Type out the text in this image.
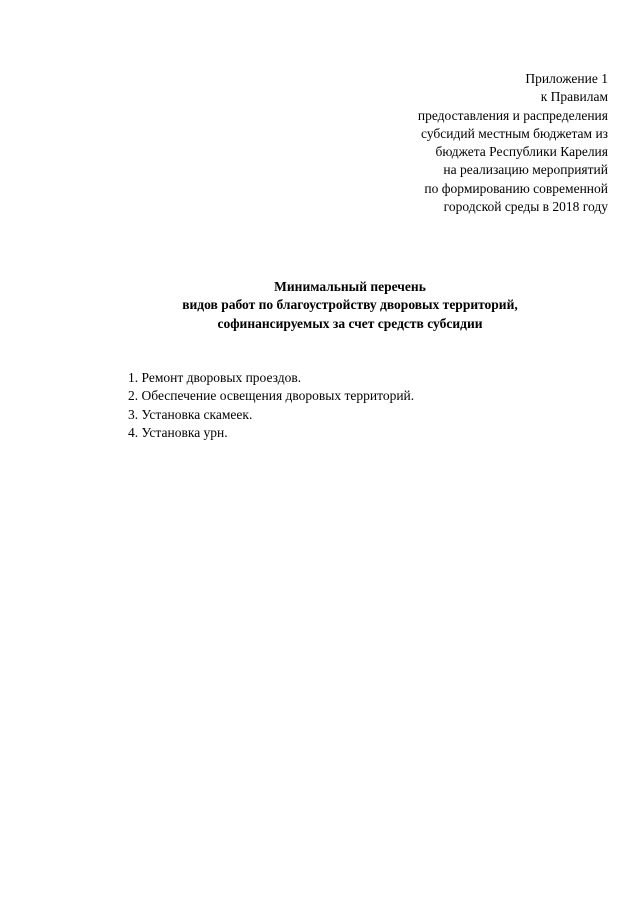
Приложение 1
к Правилам
предоставления и распределения
субсидий местным бюджетам из
бюджета Республики Карелия
на реализацию мероприятий
по формированию современной
городской среды в 2018 году
Минимальный перечень
видов работ по благоустройству дворовых территорий,
софинансируемых за счет средств субсидии
1. Ремонт дворовых проездов.
2. Обеспечение освещения дворовых территорий.
3. Установка скамеек.
4. Установка урн.
